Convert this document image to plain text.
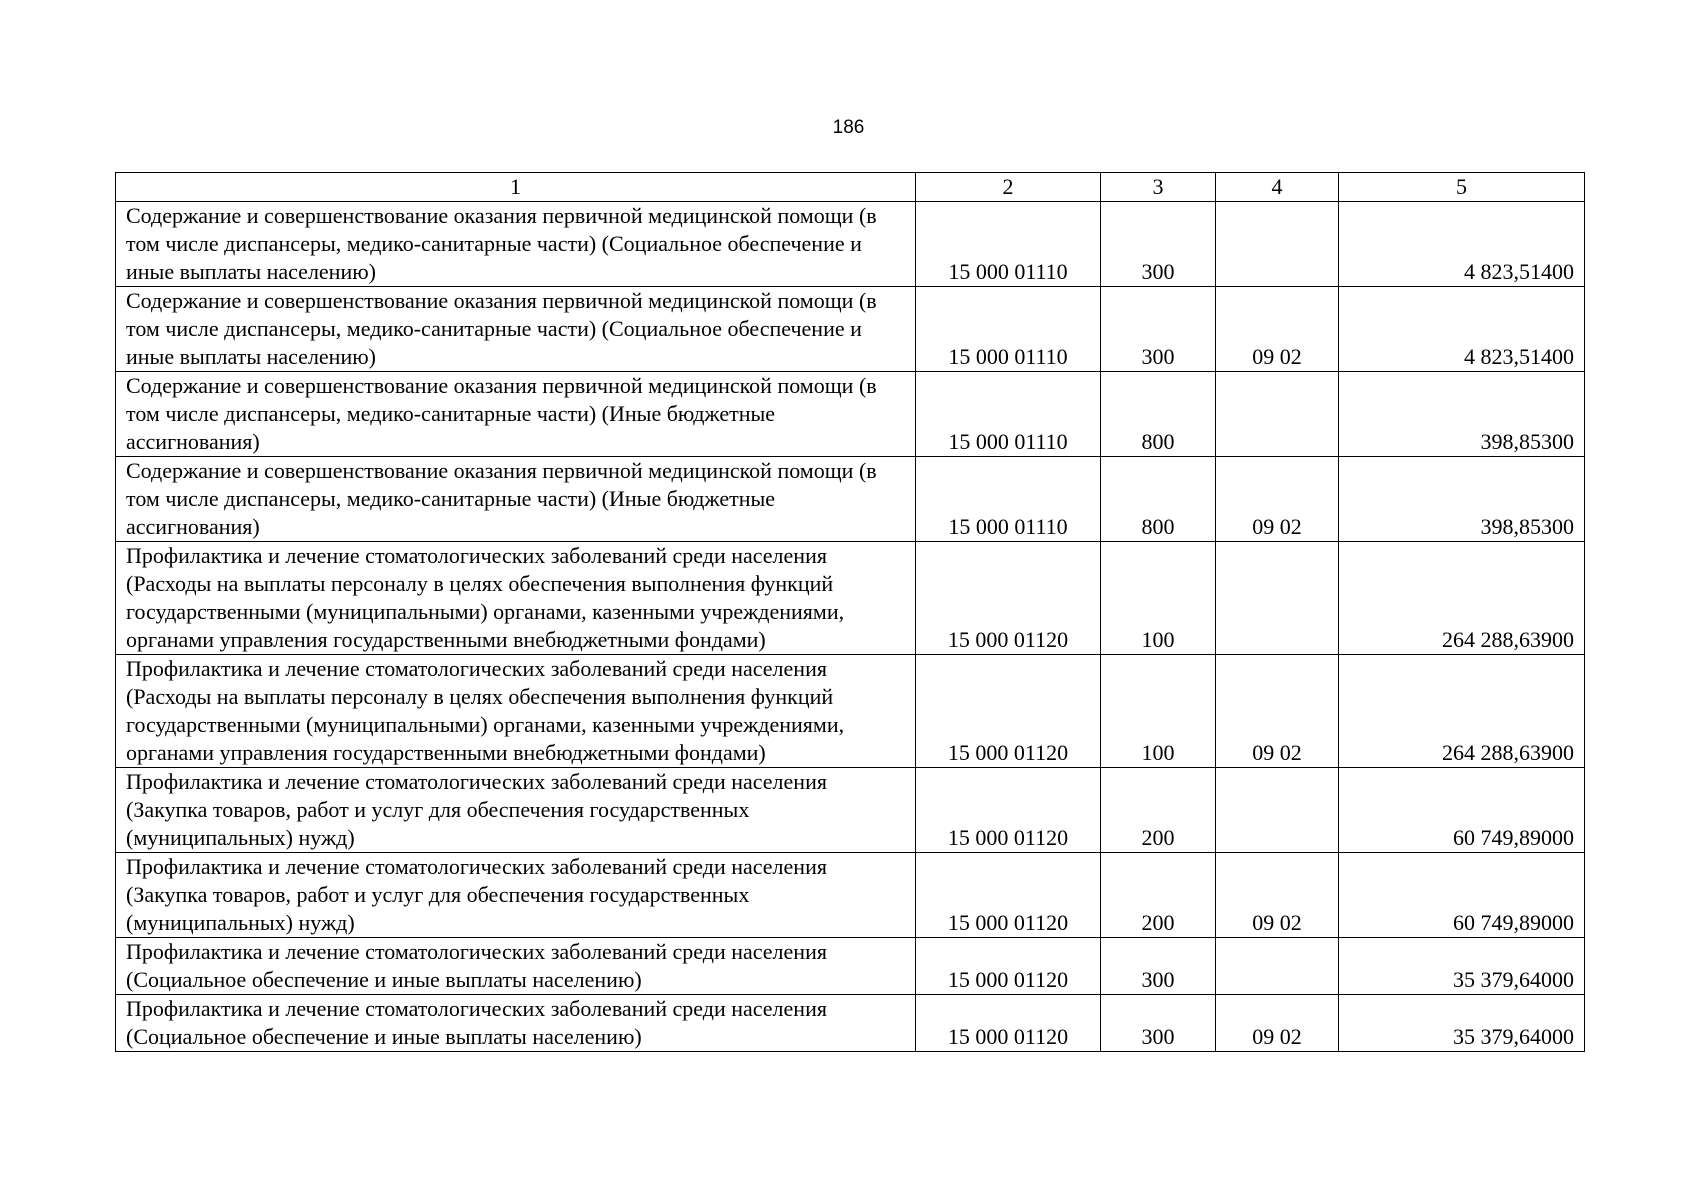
186
1	2	3	4	5
Содержание и совершенствование оказания первичной медицинской помощи (в том числе диспансеры, медико-санитарные части) (Социальное обеспечение и иные выплаты населению)	15 000 01110	300		4 823,51400
Содержание и совершенствование оказания первичной медицинской помощи (в том числе диспансеры, медико-санитарные части) (Социальное обеспечение и иные выплаты населению)	15 000 01110	300	09 02	4 823,51400
Содержание и совершенствование оказания первичной медицинской помощи (в том числе диспансеры, медико-санитарные части) (Иные бюджетные ассигнования)	15 000 01110	800		398,85300
Содержание и совершенствование оказания первичной медицинской помощи (в том числе диспансеры, медико-санитарные части) (Иные бюджетные ассигнования)	15 000 01110	800	09 02	398,85300
Профилактика и лечение стоматологических заболеваний среди населения (Расходы на выплаты персоналу в целях обеспечения выполнения функций государственными (муниципальными) органами, казенными учреждениями, органами управления государственными внебюджетными фондами)	15 000 01120	100		264 288,63900
Профилактика и лечение стоматологических заболеваний среди населения (Расходы на выплаты персоналу в целях обеспечения выполнения функций государственными (муниципальными) органами, казенными учреждениями, органами управления государственными внебюджетными фондами)	15 000 01120	100	09 02	264 288,63900
Профилактика и лечение стоматологических заболеваний среди населения (Закупка товаров, работ и услуг для обеспечения государственных (муниципальных) нужд)	15 000 01120	200		60 749,89000
Профилактика и лечение стоматологических заболеваний среди населения (Закупка товаров, работ и услуг для обеспечения государственных (муниципальных) нужд)	15 000 01120	200	09 02	60 749,89000
Профилактика и лечение стоматологических заболеваний среди населения (Социальное обеспечение и иные выплаты населению)	15 000 01120	300		35 379,64000
Профилактика и лечение стоматологических заболеваний среди населения (Социальное обеспечение и иные выплаты населению)	15 000 01120	300	09 02	35 379,64000
